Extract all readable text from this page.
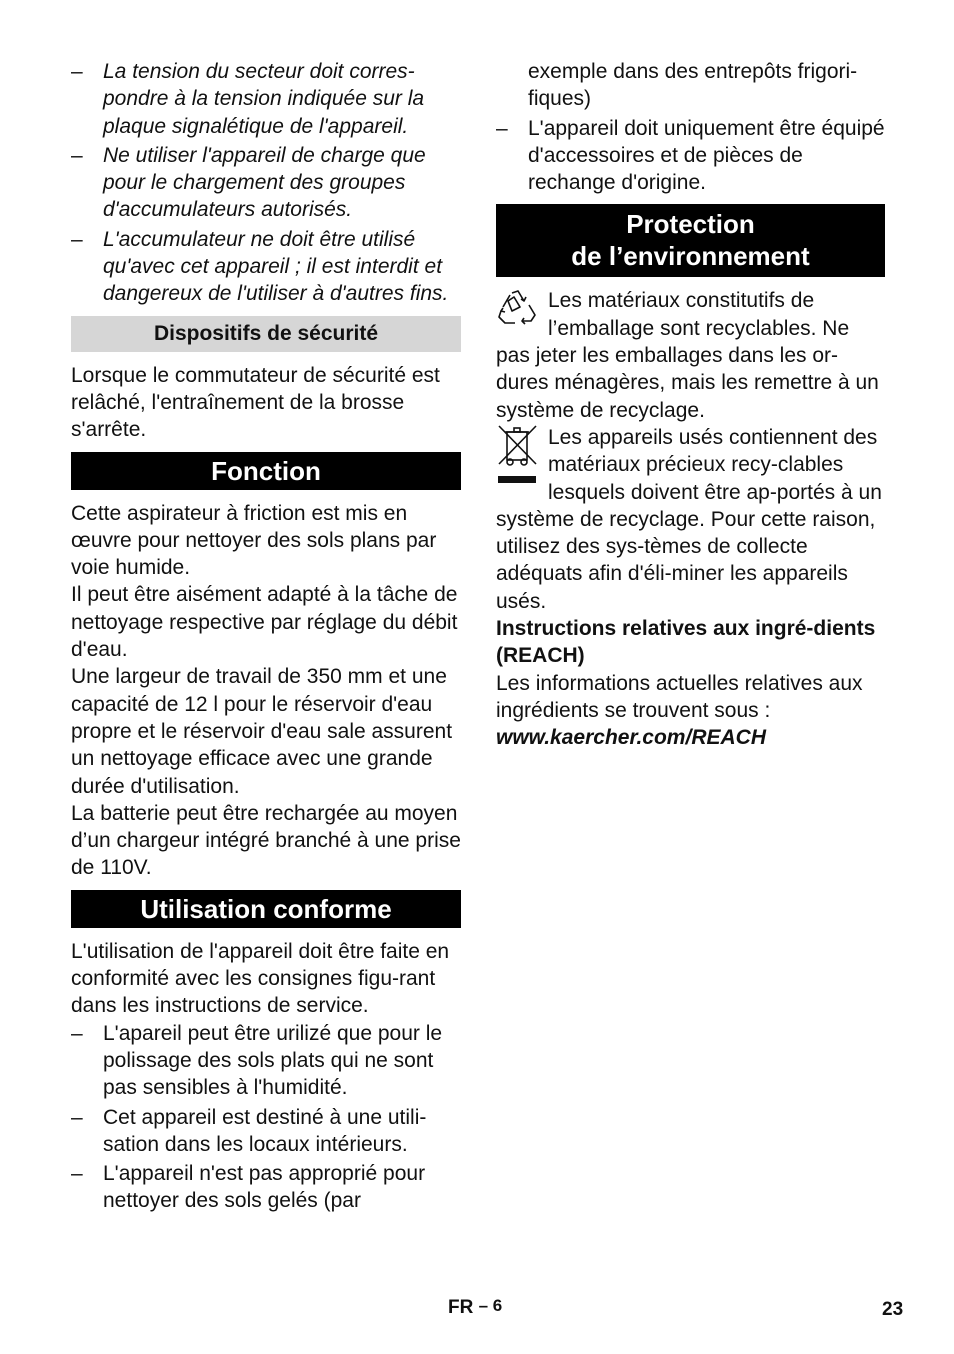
– La tension du secteur doit corres-pondre à la tension indiquée sur la plaque signalétique de l'appareil.
– Ne utiliser l'appareil de charge que pour le chargement des groupes d'accumulateurs autorisés.
– L'accumulateur ne doit être utilisé qu'avec cet appareil ; il est interdit et dangereux de l'utiliser à d'autres fins.
Dispositifs de sécurité

Lorsque le commutateur de sécurité est relâché, l'entraînement de la brosse s'arrête.

Fonction

Cette aspirateur à friction est mis en œuvre pour nettoyer des sols plans par voie humide.

Il peut être aisément adapté à la tâche de nettoyage respective par réglage du débit d'eau.

Une largeur de travail de 350 mm et une capacité de 12 l pour le réservoir d'eau propre et le réservoir d'eau sale assurent un nettoyage efficace avec une grande durée d'utilisation.

La batterie peut être rechargée au moyen d’un chargeur intégré branché à une prise de 110V.

Utilisation conforme

L'utilisation de l'appareil doit être faite en conformité avec les consignes figu-rant dans les instructions de service.

– L'apareil peut être urilizé que pour le polissage des sols plats qui ne sont pas sensibles à l'humidité.
– Cet appareil est destiné à une utili-sation dans les locaux intérieurs.
– L'appareil n'est pas approprié pour nettoyer des sols gelés (par
exemple dans des entrepôts frigori-fiques)
– L'appareil doit uniquement être équipé d'accessoires et de pièces de rechange d'origine.
Protection
de l’environnement

Les matériaux constitutifs de l’emballage sont recyclables. Ne pas jeter les emballages dans les or-dures ménagères, mais les remettre à un système de recyclage.

Les appareils usés contiennent des matériaux précieux recy-clables lesquels doivent être ap-portés à un système de recyclage. Pour cette raison, utilisez des sys-tèmes de collecte adéquats afin d'éli-miner les appareils usés.

Instructions relatives aux ingré-dients (REACH)

Les informations actuelles relatives aux ingrédients se trouvent sous :

www.kaercher.com/REACH

FR $^{- 6}$	23
